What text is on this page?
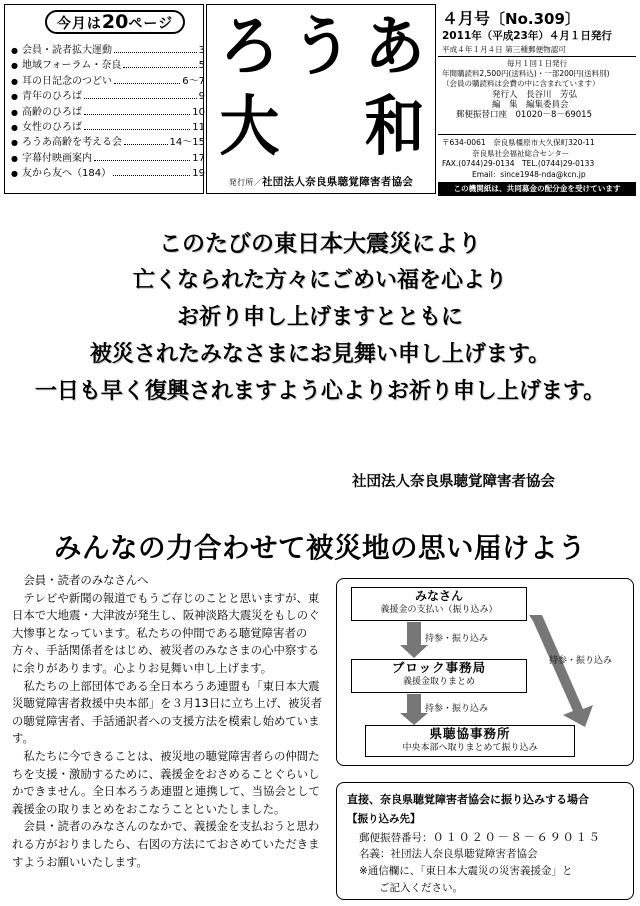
今月は20ページ
● 会員・読者拡大運動	3
● 地域フォーラム・奈良	5
● 耳の日記念のつどい	6～7
● 青年のひろば	9
● 高齢のひろば	10
● 女性のひろば	11
● ろうあ高齢を考える会	14～15
● 字幕付映画案内	17
● 友から友へ（184）	19
ろ う あ
大 和
発行所／社団法人奈良県聴覚障害者協会
４月号〔No.309〕
2011年（平成23年）４月１日発行
平成４年１月４日 第三種郵便物認可
毎月１回１日発行
年間購読料2,500円(送料込)・一部200円(送料別)
（会員の購読料は会費の中に含まれています）
発行人　長谷川　芳弘
編　集　編集委員会
郵便振替口座　01020－8－69015
〒634-0061　奈良県橿原市大久保町320-11
奈良県社会福祉総合センター
FAX.(0744)29-0134　TEL.(0744)29-0133
Email：since1948-nda@kcn.jp
この機関紙は、共同募金の配分金を受けています
このたびの東日本大震災により
亡くなられた方々にごめい福を心より
お祈り申し上げますとともに
被災されたみなさまにお見舞い申し上げます。
一日も早く復興されますよう心よりお祈り申し上げます。
社団法人奈良県聴覚障害者協会
みんなの力合わせて被災地の思い届けよう

会員・読者のみなさんへ

テレビや新聞の報道でもうご存じのことと思いますが、東日本で大地震・大津波が発生し、阪神淡路大震災をもしのぐ大惨事となっています。私たちの仲間である聴覚障害者の方々、手話関係者をはじめ、被災者のみなさまの心中察するに余りがあります。心よりお見舞い申し上げます。

私たちの上部団体である全日本ろうあ連盟も「東日本大震災聴覚障害者救援中央本部」を３月13日に立ち上げ、被災者の聴覚障害者、手話通訳者への支援方法を模索し始めています。

私たちに今できることは、被災地の聴覚障害者らの仲間たちを支援・激励するために、義援金をおさめることぐらいしかできません。全日本ろうあ連盟と連携して、当協会として義援金の取りまとめをおこなうことといたしました。

会員・読者のみなさんのなかで、義援金を支払おうと思われる方がおりましたら、右図の方法にておさめていただきますようお願いいたします。

みなさん
義援金の支払い（振り込み）
持参・振り込み
持参・振り込み
ブロック事務局
義援金取りまとめ
持参・振り込み
県聴協事務所
中央本部へ取りまとめて振り込み
直接、奈良県聴覚障害者協会に振り込みする場合
【振り込み先】
郵便振替番号：０１０２０－８－６９０１５
名義：社団法人奈良県聴覚障害者協会
※通信欄に、「東日本大震災の災害義援金」と
ご記入ください。
